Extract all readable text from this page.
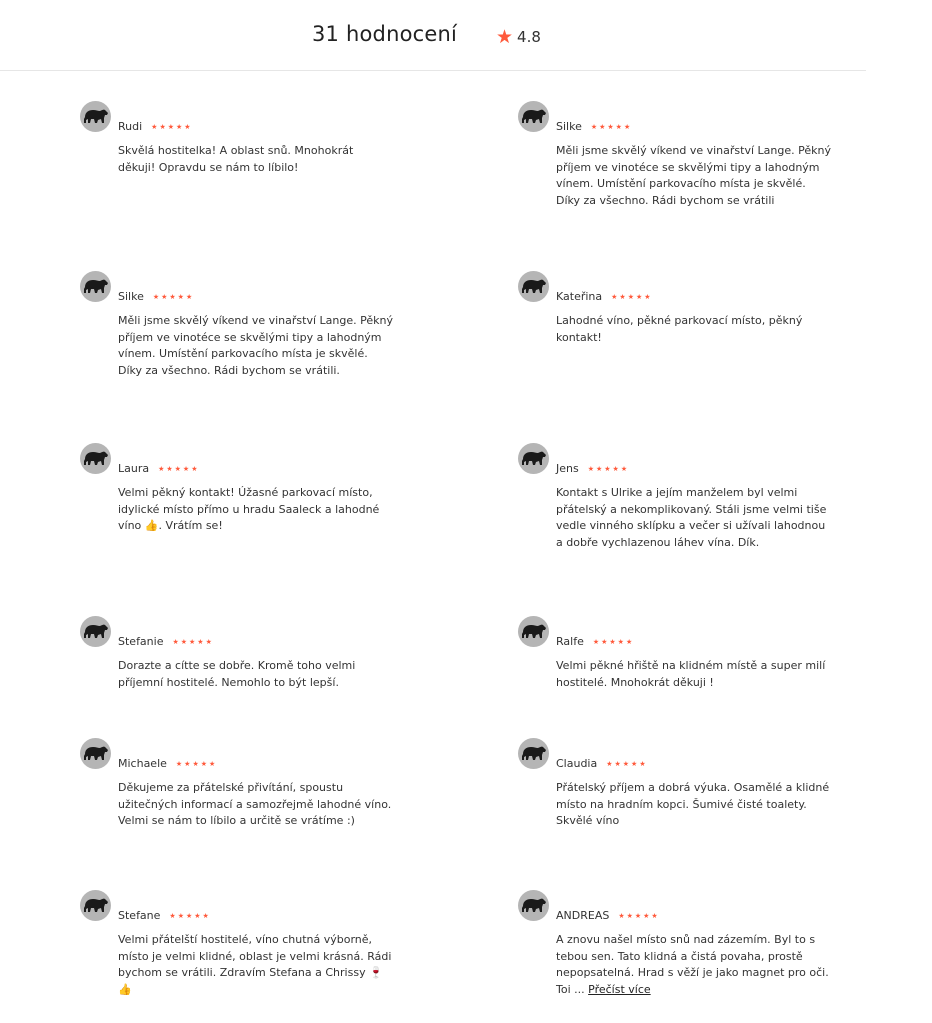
31 hodnocení ★ 4.8
Rudi ★★★★★
Skvělá hostitelka! A oblast snů. Mnohokrát děkuji! Opravdu se nám to líbilo!
Silke ★★★★★
Měli jsme skvělý víkend ve vinařství Lange. Pěkný příjem ve vinotéce se skvělými tipy a lahodným vínem. Umístění parkovacího místa je skvělé. Díky za všechno. Rádi bychom se vrátili
Silke ★★★★★
Měli jsme skvělý víkend ve vinařství Lange. Pěkný příjem ve vinotéce se skvělými tipy a lahodným vínem. Umístění parkovacího místa je skvělé. Díky za všechno. Rádi bychom se vrátili.
Kateřina ★★★★★
Lahodné víno, pěkné parkovací místo, pěkný kontakt!
Laura ★★★★★
Velmi pěkný kontakt! Úžasné parkovací místo, idylické místo přímo u hradu Saaleck a lahodné víno 👍. Vrátím se!
Jens ★★★★★
Kontakt s Ulrike a jejím manželem byl velmi přátelský a nekomplikovaný. Stáli jsme velmi tiše vedle vinného sklípku a večer si užívali lahodnou a dobře vychlazenou láhev vína. Dík.
Stefanie ★★★★★
Dorazte a cítte se dobře. Kromě toho velmi příjemní hostitelé. Nemohlo to být lepší.
Ralfe ★★★★★
Velmi pěkné hřiště na klidném místě a super milí hostitelé. Mnohokrát děkuji !
Michaele ★★★★★
Děkujeme za přátelské přivítání, spoustu užitečných informací a samozřejmě lahodné víno. Velmi se nám to líbilo a určitě se vrátíme :)
Claudia ★★★★★
Přátelský příjem a dobrá výuka. Osamělé a klidné místo na hradním kopci. Šumivé čisté toalety. Skvělé víno
Stefane ★★★★★
Velmi přátelští hostitelé, víno chutná výborně, místo je velmi klidné, oblast je velmi krásná. Rádi bychom se vrátili. Zdravím Stefana a Chrissy 🍷👍
ANDREAS ★★★★★
A znovu našel místo snů nad zázemím. Byl to s tebou sen. Tato klidná a čistá povaha, prostě nepopsatelná. Hrad s věží je jako magnet pro oči. Toi ... Přečíst více
